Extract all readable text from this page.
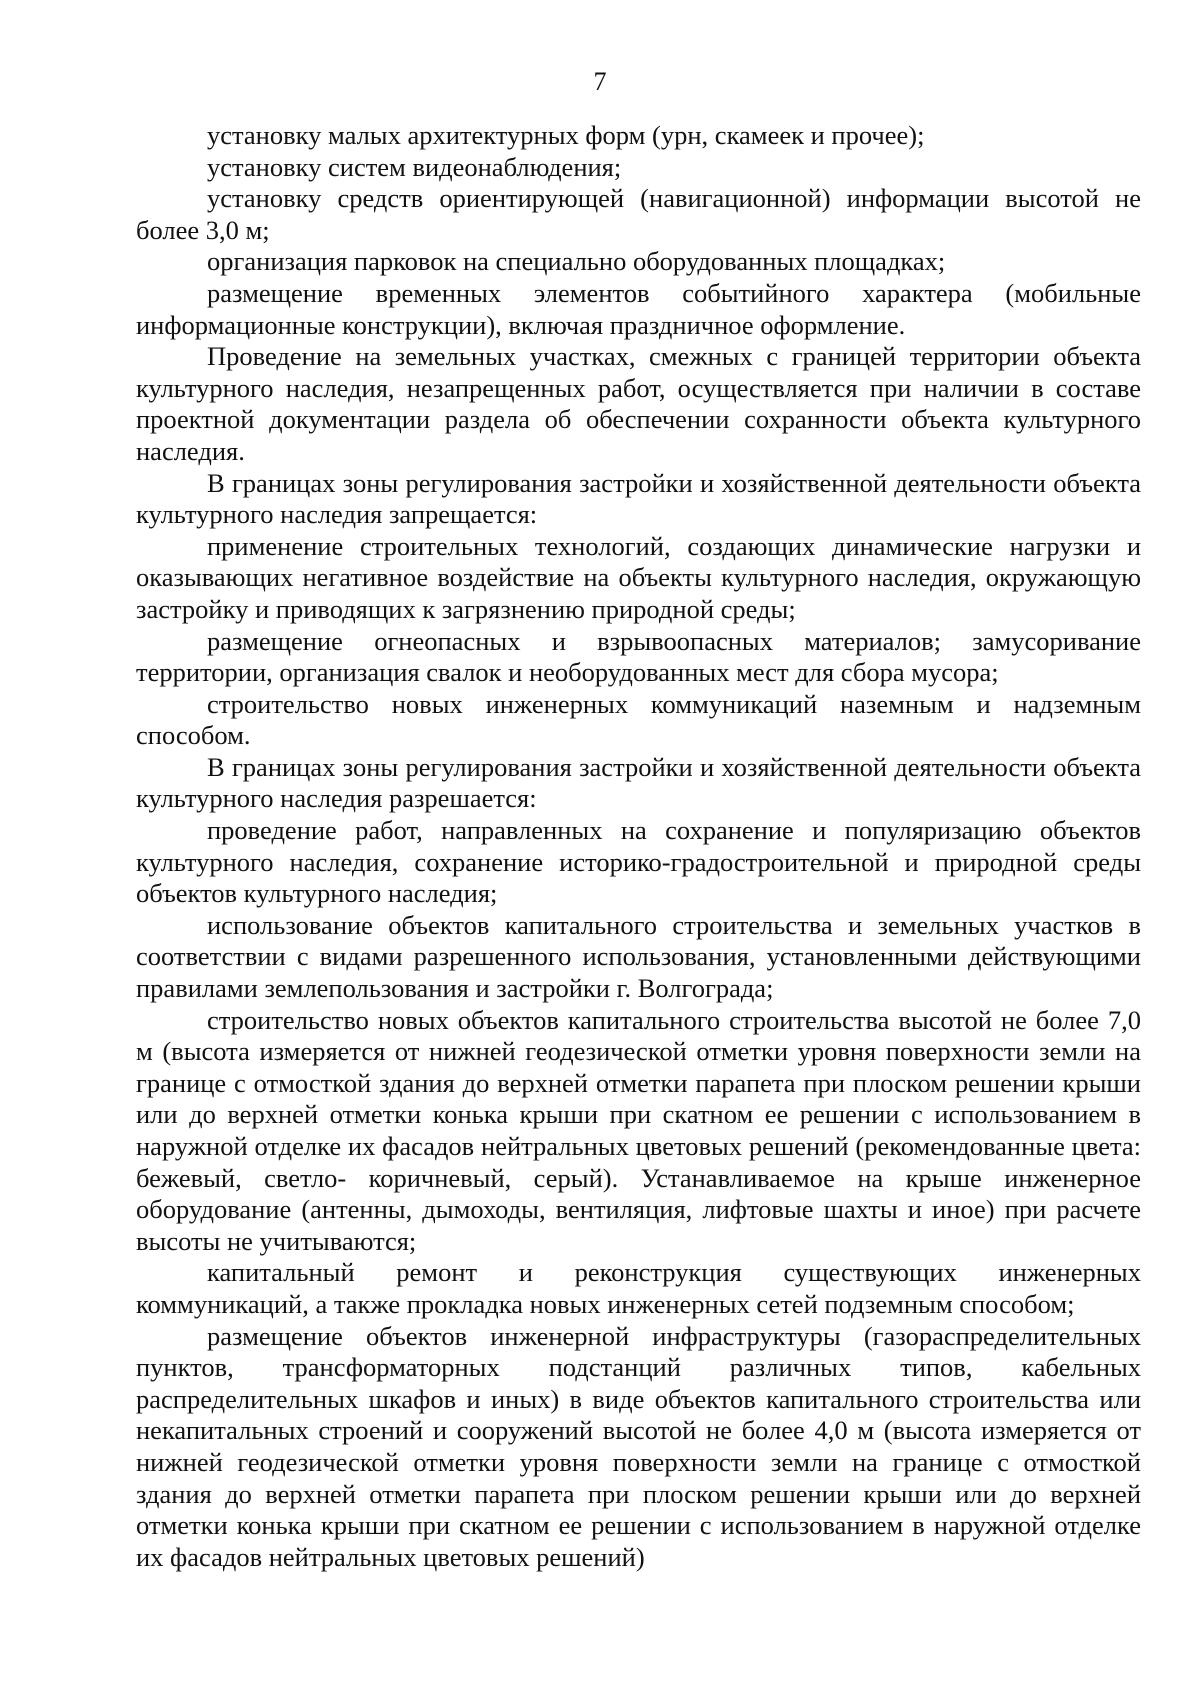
7

установку малых архитектурных форм (урн, скамеек и прочее);

установку систем видеонаблюдения;

установку средств ориентирующей (навигационной) информации высотой не более 3,0 м;

организация парковок на специально оборудованных площадках;

размещение временных элементов событийного характера (мобильные информационные конструкции), включая праздничное оформление.

Проведение на земельных участках, смежных с границей территории объекта культурного наследия, незапрещенных работ, осуществляется при наличии в составе проектной документации раздела об обеспечении сохранности объекта культурного наследия.

В границах зоны регулирования застройки и хозяйственной деятельности объекта культурного наследия запрещается:

применение строительных технологий, создающих динамические нагрузки и оказывающих негативное воздействие на объекты культурного наследия, окружающую застройку и приводящих к загрязнению природной среды;

размещение огнеопасных и взрывоопасных материалов; замусоривание территории, организация свалок и необорудованных мест для сбора мусора;

строительство новых инженерных коммуникаций наземным и надземным способом.

В границах зоны регулирования застройки и хозяйственной деятельности объекта культурного наследия разрешается:

проведение работ, направленных на сохранение и популяризацию объектов культурного наследия, сохранение историко-градостроительной и природной среды объектов культурного наследия;

использование объектов капитального строительства и земельных участков в соответствии с видами разрешенного использования, установленными действующими правилами землепользования и застройки г. Волгограда;

строительство новых объектов капитального строительства высотой не более 7,0 м (высота измеряется от нижней геодезической отметки уровня поверхности земли на границе с отмосткой здания до верхней отметки парапета при плоском решении крыши или до верхней отметки конька крыши при скатном ее решении с использованием в наружной отделке их фасадов нейтральных цветовых решений (рекомендованные цвета: бежевый, светло- коричневый, серый). Устанавливаемое на крыше инженерное оборудование (антенны, дымоходы, вентиляция, лифтовые шахты и иное) при расчете высоты не учитываются;

капитальный ремонт и реконструкция существующих инженерных коммуникаций, а также прокладка новых инженерных сетей подземным способом;

размещение объектов инженерной инфраструктуры (газораспределительных пунктов, трансформаторных подстанций различных типов, кабельных распределительных шкафов и иных) в виде объектов капитального строительства или некапитальных строений и сооружений высотой не более 4,0 м (высота измеряется от нижней геодезической отметки уровня поверхности земли на границе с отмосткой здания до верхней отметки парапета при плоском решении крыши или до верхней отметки конька крыши при скатном ее решении с использованием в наружной отделке их фасадов нейтральных цветовых решений)
